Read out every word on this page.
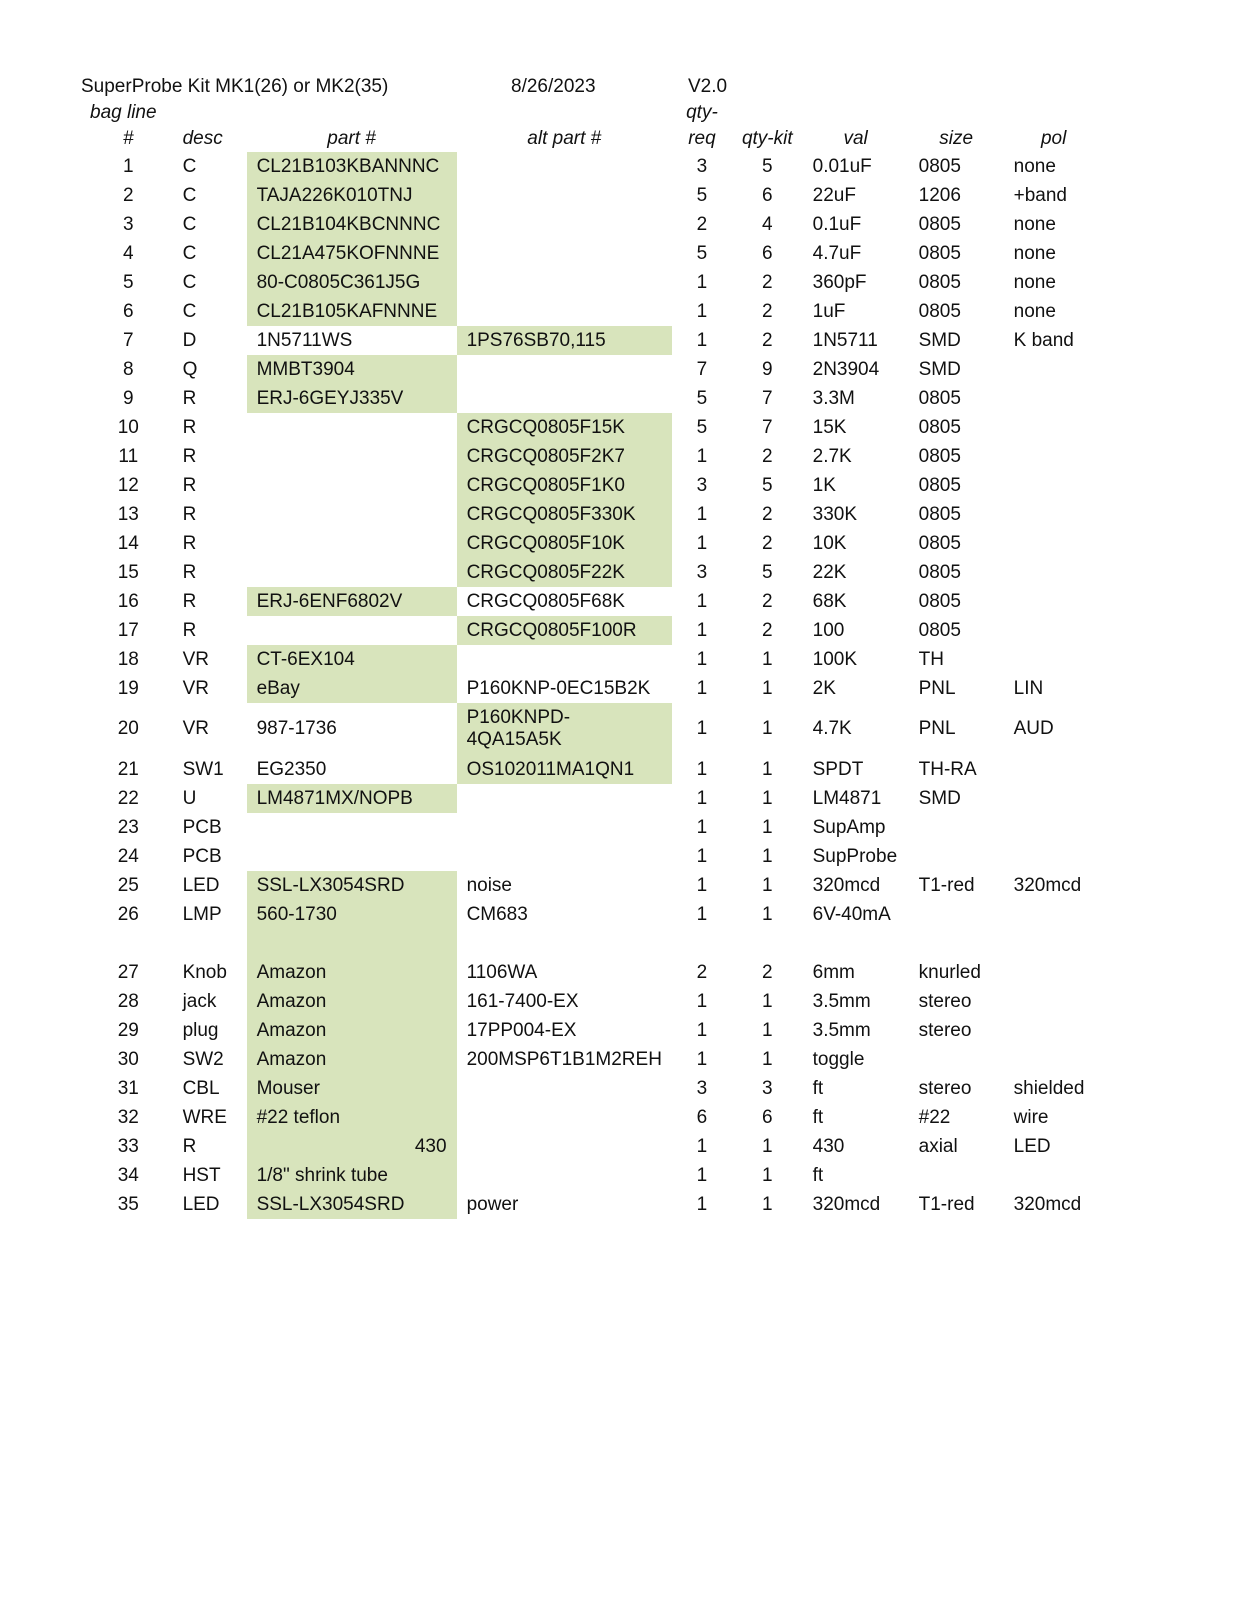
SuperProbe Kit MK1(26) or MK2(35)	8/26/2023	V2.0
bag line				qty-				
#	desc	part #	alt part #	req	qty-kit	val	size	pol
1	C	CL21B103KBANNNC		3	5	0.01uF	0805	none
2	C	TAJA226K010TNJ		5	6	22uF	1206	+band
3	C	CL21B104KBCNNNC		2	4	0.1uF	0805	none
4	C	CL21A475KOFNNNE		5	6	4.7uF	0805	none
5	C	80-C0805C361J5G		1	2	360pF	0805	none
6	C	CL21B105KAFNNNE		1	2	1uF	0805	none
7	D	1N5711WS	1PS76SB70,115	1	2	1N5711	SMD	K band
8	Q	MMBT3904		7	9	2N3904	SMD	
9	R	ERJ-6GEYJ335V		5	7	3.3M	0805	
10	R		CRGCQ0805F15K	5	7	15K	0805	
11	R		CRGCQ0805F2K7	1	2	2.7K	0805	
12	R		CRGCQ0805F1K0	3	5	1K	0805	
13	R		CRGCQ0805F330K	1	2	330K	0805	
14	R		CRGCQ0805F10K	1	2	10K	0805	
15	R		CRGCQ0805F22K	3	5	22K	0805	
16	R	ERJ-6ENF6802V	CRGCQ0805F68K	1	2	68K	0805	
17	R		CRGCQ0805F100R	1	2	100	0805	
18	VR	CT-6EX104		1	1	100K	TH	
19	VR	eBay	P160KNP-0EC15B2K	1	1	2K	PNL	LIN
20	VR	987-1736	P160KNPD-
4QA15A5K	1	1	4.7K	PNL	AUD
21	SW1	EG2350	OS102011MA1QN1	1	1	SPDT	TH-RA	
22	U	LM4871MX/NOPB		1	1	LM4871	SMD	
23	PCB			1	1	SupAmp		
24	PCB			1	1	SupProbe		
25	LED	SSL-LX3054SRD	noise	1	1	320mcd	T1-red	320mcd
26	LMP	560-1730	CM683	1	1	6V-40mA		

27	Knob	Amazon	1106WA	2	2	6mm	knurled	
28	jack	Amazon	161-7400-EX	1	1	3.5mm	stereo	
29	plug	Amazon	17PP004-EX	1	1	3.5mm	stereo	
30	SW2	Amazon	200MSP6T1B1M2REH	1	1	toggle		
31	CBL	Mouser		3	3	ft	stereo	shielded
32	WRE	#22 teflon		6	6	ft	#22	wire
33	R	430		1	1	430	axial	LED
34	HST	1/8" shrink tube		1	1	ft		
35	LED	SSL-LX3054SRD	power	1	1	320mcd	T1-red	320mcd
